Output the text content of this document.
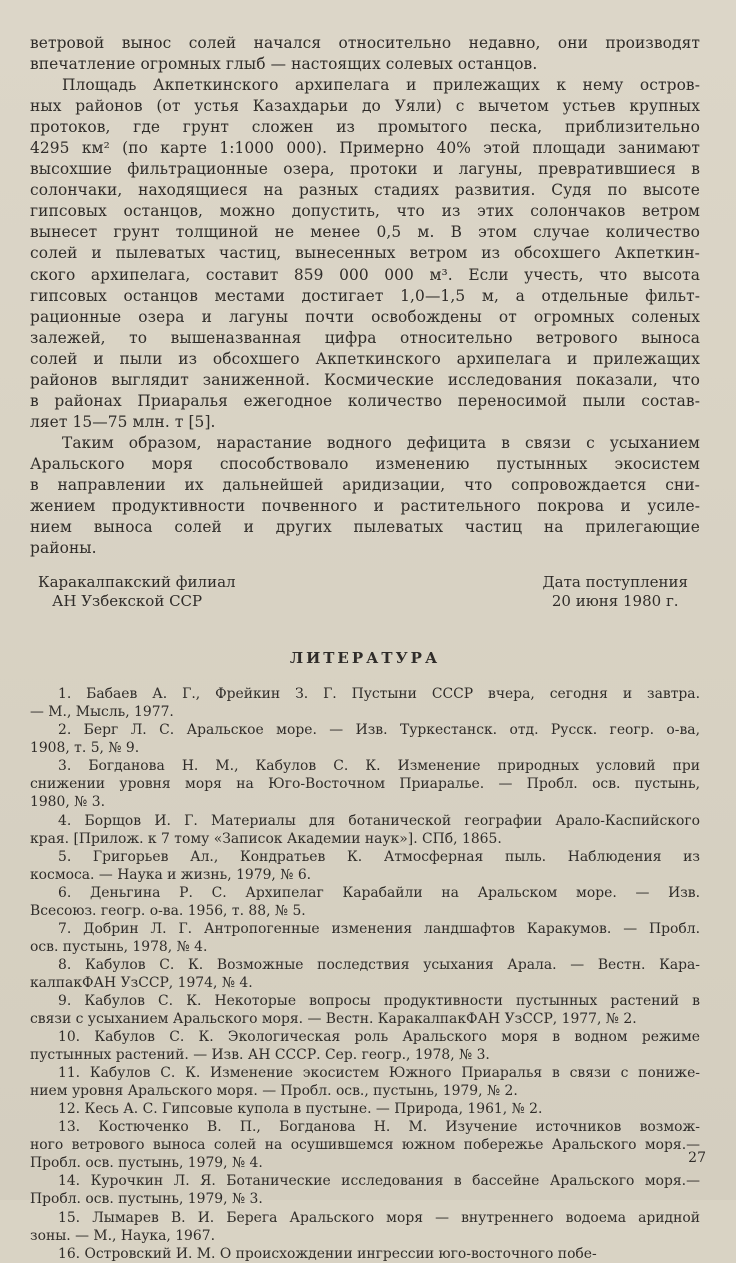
ветровой вынос солей начался относительно недавно, они производят
впечатление огромных глыб — настоящих солевых останцов.
Площадь Акпеткинского архипелага и прилежащих к нему остров-
ных районов (от устья Казахдарьи до Уяли) с вычетом устьев крупных
протоков, где грунт сложен из промытого песка, приблизительно
4295 км² (по карте 1:1000 000). Примерно 40% этой площади занимают
высохшие фильтрационные озера, протоки и лагуны, превратившиеся в
солончаки, находящиеся на разных стадиях развития. Судя по высоте
гипсовых останцов, можно допустить, что из этих солончаков ветром
вынесет грунт толщиной не менее 0,5 м. В этом случае количество
солей и пылеватых частиц, вынесенных ветром из обсохшего Акпеткин-
ского архипелага, составит 859 000 000 м³. Если учесть, что высота
гипсовых останцов местами достигает 1,0—1,5 м, а отдельные фильт-
рационные озера и лагуны почти освобождены от огромных соленых
залежей, то вышеназванная цифра относительно ветрового выноса
солей и пыли из обсохшего Акпеткинского архипелага и прилежащих
районов выглядит заниженной. Космические исследования показали, что
в районах Приаралья ежегодное количество переносимой пыли состав-
ляет 15—75 млн. т [5].
Таким образом, нарастание водного дефицита в связи с усыханием
Аральского моря способствовало изменению пустынных экосистем
в направлении их дальнейшей аридизации, что сопровождается сни-
жением продуктивности почвенного и растительного покрова и усиле-
нием выноса солей и других пылеватых частиц на прилегающие
районы.
Каракалпакский филиал
АН Узбекской ССР
Дата поступления
20 июня 1980 г.
ЛИТЕРАТУРА
1. Бабаев А. Г., Фрейкин З. Г. Пустыни СССР вчера, сегодня и завтра.
— М., Мысль, 1977.
2. Берг Л. С. Аральское море. — Изв. Туркестанск. отд. Русск. геогр. о-ва,
1908, т. 5, № 9.
3. Богданова Н. М., Кабулов С. К. Изменение природных условий при
снижении уровня моря на Юго-Восточном Приаралье. — Пробл. осв. пустынь,
1980, № 3.
4. Борщов И. Г. Материалы для ботанической географии Арало-Каспийского
края. [Прилож. к 7 тому «Записок Академии наук»]. СПб, 1865.
5. Григорьев Ал., Кондратьев К. Атмосферная пыль. Наблюдения из
космоса. — Наука и жизнь, 1979, № 6.
6. Деньгина Р. С. Архипелаг Карабайли на Аральском море. — Изв.
Всесоюз. геогр. о-ва. 1956, т. 88, № 5.
7. Добрин Л. Г. Антропогенные изменения ландшафтов Каракумов. — Пробл.
осв. пустынь, 1978, № 4.
8. Кабулов С. К. Возможные последствия усыхания Арала. — Вестн. Кара-
калпакФАН УзССР, 1974, № 4.
9. Кабулов С. К. Некоторые вопросы продуктивности пустынных растений в
связи с усыханием Аральского моря. — Вестн. КаракалпакФАН УзССР, 1977, № 2.
10. Кабулов С. К. Экологическая роль Аральского моря в водном режиме
пустынных растений. — Изв. АН СССР. Сер. геогр., 1978, № 3.
11. Кабулов С. К. Изменение экосистем Южного Приаралья в связи с пониже-
нием уровня Аральского моря. — Пробл. осв., пустынь, 1979, № 2.
12. Кесь А. С. Гипсовые купола в пустыне. — Природа, 1961, № 2.
13. Костюченко В. П., Богданова Н. М. Изучение источников возмож-
ного ветрового выноса солей на осушившемся южном побережье Аральского моря.—
Пробл. осв. пустынь, 1979, № 4.
14. Курочкин Л. Я. Ботанические исследования в бассейне Аральского моря.—
Пробл. осв. пустынь, 1979, № 3.
15. Лымарев В. И. Берега Аральского моря — внутреннего водоема аридной
зоны. — М., Наука, 1967.
16. Островский И. М. О происхождении ингрессии юго-восточного побе-
27
